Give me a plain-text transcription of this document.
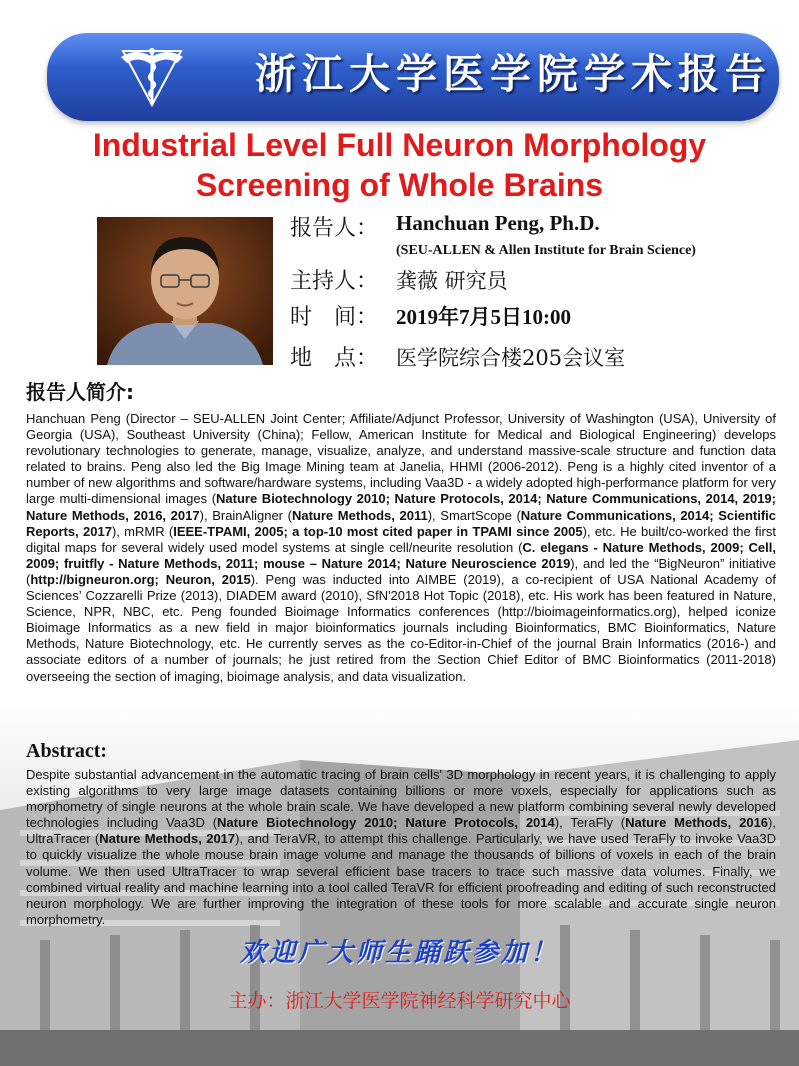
浙江大学医学院学术报告
Industrial Level Full Neuron Morphology
Screening of Whole Brains
报告人： Hanchuan Peng, Ph.D.
(SEU-ALLEN & Allen Institute for Brain Science)
主持人： 龚薇 研究员
时　间： 2019年7月5日10:00
地　点： 医学院综合楼205会议室
报告人简介:
Hanchuan Peng (Director – SEU-ALLEN Joint Center; Affiliate/Adjunct Professor, University of Washington (USA), University of Georgia (USA), Southeast University (China); Fellow, American Institute for Medical and Biological Engineering) develops revolutionary technologies to generate, manage, visualize, analyze, and understand massive-scale structure and function data related to brains. Peng also led the Big Image Mining team at Janelia, HHMI (2006-2012). Peng is a highly cited inventor of a number of new algorithms and software/hardware systems, including Vaa3D - a widely adopted high-performance platform for very large multi-dimensional images (Nature Biotechnology 2010; Nature Protocols, 2014; Nature Communications, 2014, 2019; Nature Methods, 2016, 2017), BrainAligner (Nature Methods, 2011), SmartScope (Nature Communications, 2014; Scientific Reports, 2017), mRMR (IEEE-TPAMI, 2005; a top-10 most cited paper in TPAMI since 2005), etc. He built/co-worked the first digital maps for several widely used model systems at single cell/neurite resolution (C. elegans - Nature Methods, 2009; Cell, 2009; fruitfly - Nature Methods, 2011; mouse – Nature 2014; Nature Neuroscience 2019), and led the “BigNeuron” initiative (http://bigneuron.org; Neuron, 2015). Peng was inducted into AIMBE (2019), a co-recipient of USA National Academy of Sciences’ Cozzarelli Prize (2013), DIADEM award (2010), SfN'2018 Hot Topic (2018), etc. His work has been featured in Nature, Science, NPR, NBC, etc. Peng founded Bioimage Informatics conferences (http://bioimageinformatics.org), helped iconize Bioimage Informatics as a new field in major bioinformatics journals including Bioinformatics, BMC Bioinformatics, Nature Methods, Nature Biotechnology, etc. He currently serves as the co-Editor-in-Chief of the journal Brain Informatics (2016-) and associate editors of a number of journals; he just retired from the Section Chief Editor of BMC Bioinformatics (2011-2018) overseeing the section of imaging, bioimage analysis, and data visualization.
Abstract:
Despite substantial advancement in the automatic tracing of brain cells' 3D morphology in recent years, it is challenging to apply existing algorithms to very large image datasets containing billions or more voxels, especially for applications such as morphometry of single neurons at the whole brain scale. We have developed a new platform combining several newly developed technologies including Vaa3D (Nature Biotechnology 2010; Nature Protocols, 2014), TeraFly (Nature Methods, 2016), UltraTracer (Nature Methods, 2017), and TeraVR, to attempt this challenge. Particularly, we have used TeraFly to invoke Vaa3D to quickly visualize the whole mouse brain image volume and manage the thousands of billions of voxels in each of the brain volume. We then used UltraTracer to wrap several efficient base tracers to trace such massive data volumes. Finally, we combined virtual reality and machine learning into a tool called TeraVR for efficient proofreading and editing of such reconstructed neuron morphology. We are further improving the integration of these tools for more scalable and accurate single neuron morphometry.
欢迎广大师生踊跃参加！
主办：浙江大学医学院神经科学研究中心
